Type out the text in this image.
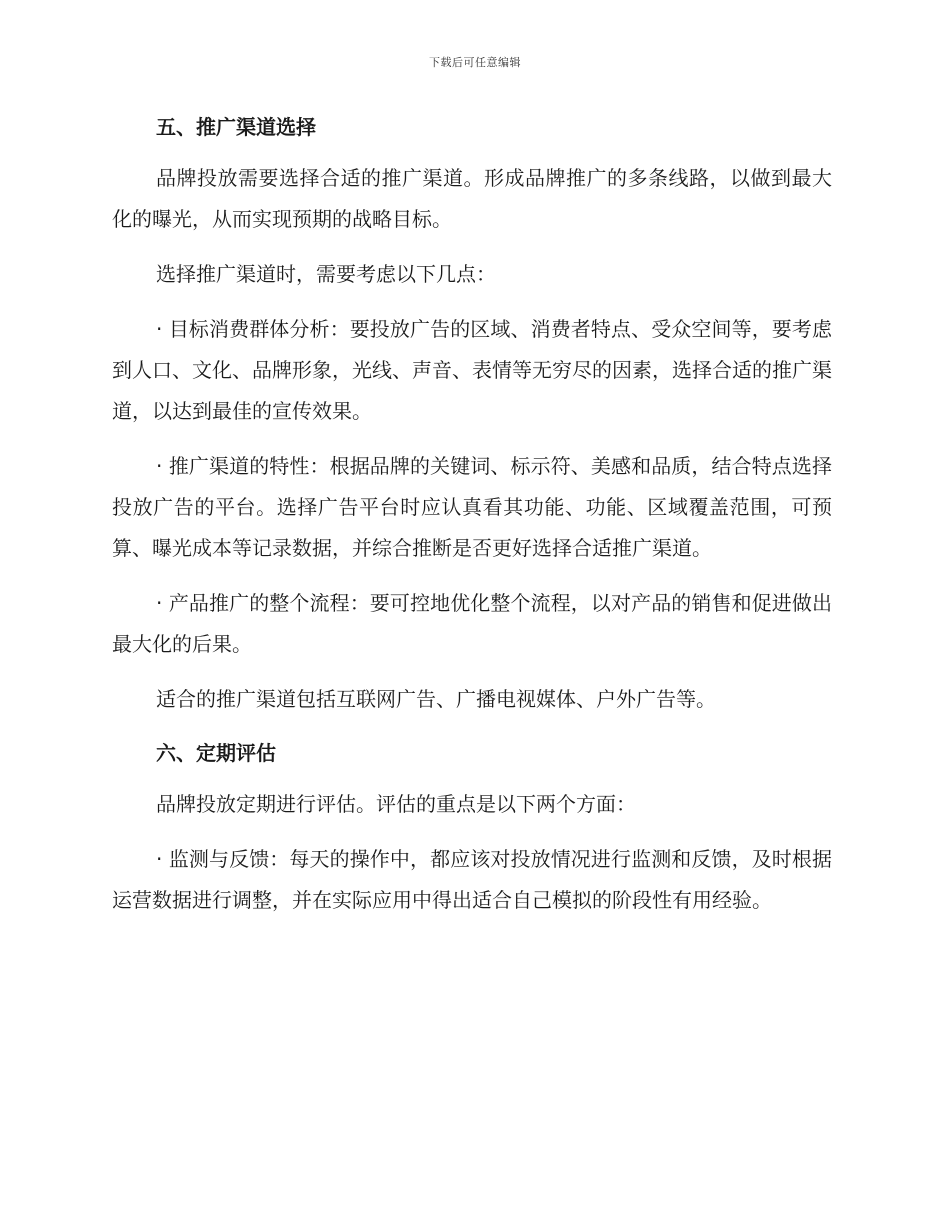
下载后可任意编辑
五、推广渠道选择

品牌投放需要选择合适的推广渠道。形成品牌推广的多条线路，以做到最大化的曝光，从而实现预期的战略目标。

选择推广渠道时，需要考虑以下几点：

· 目标消费群体分析：要投放广告的区域、消费者特点、受众空间等，要考虑到人口、文化、品牌形象，光线、声音、表情等无穷尽的因素，选择合适的推广渠道，以达到最佳的宣传效果。

· 推广渠道的特性：根据品牌的关键词、标示符、美感和品质，结合特点选择投放广告的平台。选择广告平台时应认真看其功能、功能、区域覆盖范围，可预算、曝光成本等记录数据，并综合推断是否更好选择合适推广渠道。

· 产品推广的整个流程：要可控地优化整个流程，以对产品的销售和促进做出最大化的后果。

适合的推广渠道包括互联网广告、广播电视媒体、户外广告等。

六、定期评估

品牌投放定期进行评估。评估的重点是以下两个方面：

· 监测与反馈：每天的操作中，都应该对投放情况进行监测和反馈，及时根据运营数据进行调整，并在实际应用中得出适合自己模拟的阶段性有用经验。
